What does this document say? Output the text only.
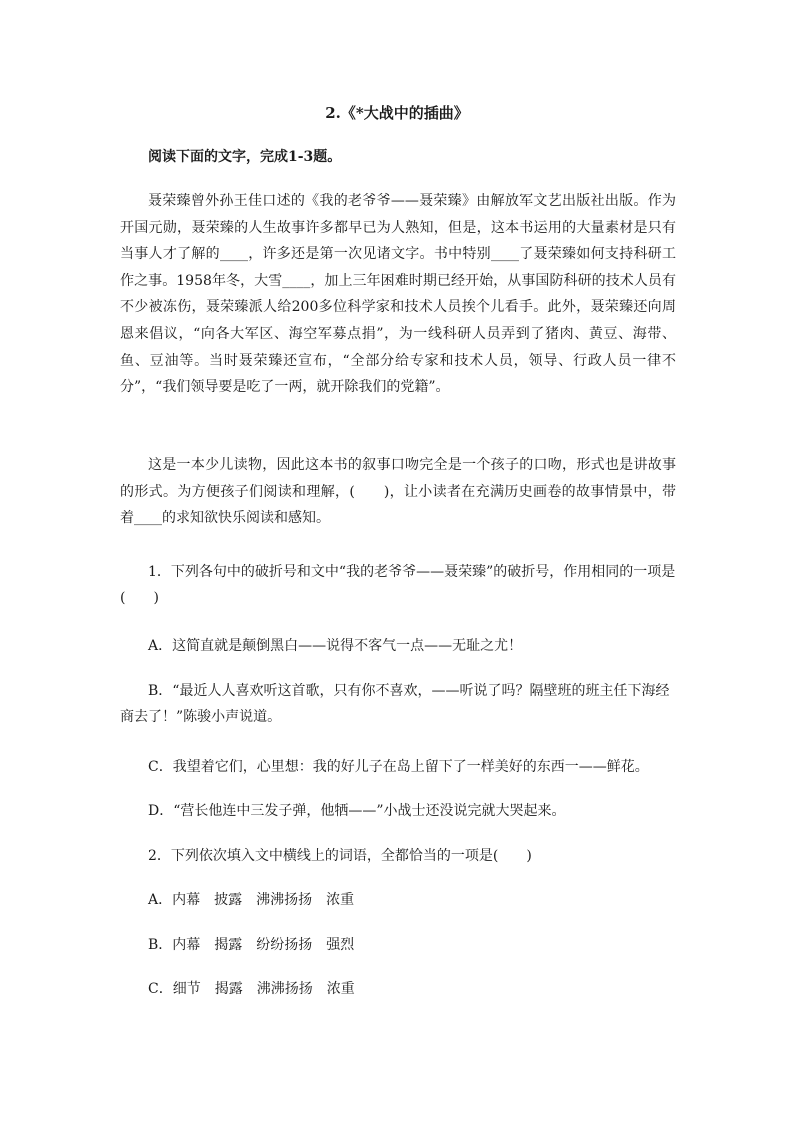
2.《*大战中的插曲》
阅读下面的文字，完成1-3题。
聂荣臻曾外孙王佳口述的《我的老爷爷——聂荣臻》由解放军文艺出版社出版。作为开国元勋，聂荣臻的人生故事许多都早已为人熟知，但是，这本书运用的大量素材是只有当事人才了解的____，许多还是第一次见诸文字。书中特别____了聂荣臻如何支持科研工作之事。1958年冬，大雪____，加上三年困难时期已经开始，从事国防科研的技术人员有不少被冻伤，聂荣臻派人给200多位科学家和技术人员挨个儿看手。此外，聂荣臻还向周恩来倡议，“向各大军区、海空军募点捐”，为一线科研人员弄到了猪肉、黄豆、海带、鱼、豆油等。当时聂荣臻还宣布，“全部分给专家和技术人员，领导、行政人员一律不分”，“我们领导要是吃了一两，就开除我们的党籍”。
这是一本少儿读物，因此这本书的叙事口吻完全是一个孩子的口吻，形式也是讲故事的形式。为方便孩子们阅读和理解，(　　)，让小读者在充满历史画卷的故事情景中，带着____的求知欲快乐阅读和感知。
1．下列各句中的破折号和文中“我的老爷爷——聂荣臻”的破折号，作用相同的一项是(　　)
A．这简直就是颠倒黑白——说得不客气一点——无耻之尤！
B．“最近人人喜欢听这首歌，只有你不喜欢，——听说了吗？隔壁班的班主任下海经商去了！”陈骏小声说道。
C．我望着它们，心里想：我的好儿子在岛上留下了一样美好的东西一——鲜花。
D．“营长他连中三发子弹，他牺——”小战士还没说完就大哭起来。
2．下列依次填入文中横线上的词语，全都恰当的一项是(　　)
A．内幕　披露　沸沸扬扬　浓重
B．内幕　揭露　纷纷扬扬　强烈
C．细节　揭露　沸沸扬扬　浓重
